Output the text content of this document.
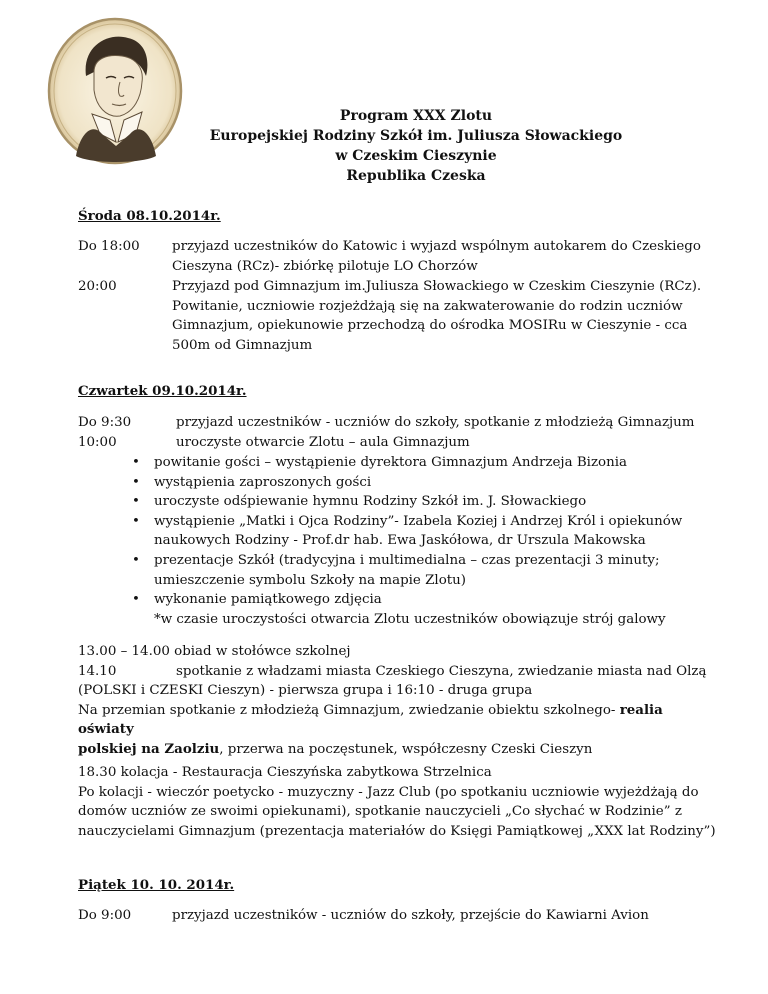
Program XXX Zlotu
Europejskiej Rodziny Szkół im. Juliusza Słowackiego
w Czeskim Cieszynie
Republika Czeska
Środa 08.10.2014r.
Do 18:00 przyjazd uczestników do Katowic i wyjazd wspólnym autokarem do Czeskiego
Cieszyna (RCz)- zbiórkę pilotuje LO Chorzów
20:00	Przyjazd pod Gimnazjum im.Juliusza Słowackiego w Czeskim Cieszynie (RCz).
Powitanie, uczniowie rozjeżdżają się na zakwaterowanie do rodzin uczniów
Gimnazjum, opiekunowie przechodzą do ośrodka MOSIRu w Cieszynie - cca
500m od Gimnazjum
Czwartek 09.10.2014r.
Do 9:30	przyjazd uczestników - uczniów do szkoły, spotkanie z młodzieżą Gimnazjum
10:00	uroczyste otwarcie Zlotu – aula Gimnazjum
• powitanie gości – wystąpienie dyrektora Gimnazjum Andrzeja Bizonia
• wystąpienia zaproszonych gości
• uroczyste odśpiewanie hymnu Rodziny Szkół im. J. Słowackiego
• wystąpienie „Matki i Ojca Rodziny”- Izabela Koziej i Andrzej Król i opiekunów
naukowych Rodziny - Prof.dr hab. Ewa Jaskółowa, dr Urszula Makowska
• prezentacje Szkół (tradycyjna i multimedialna – czas prezentacji 3 minuty;
umieszczenie symbolu Szkoły na mapie Zlotu)
• wykonanie pamiątkowego zdjęcia
*w czasie uroczystości otwarcia Zlotu uczestników obowiązuje strój galowy
13.00 – 14.00 obiad w stołówce szkolnej
14.10	spotkanie z władzami miasta Czeskiego Cieszyna, zwiedzanie miasta nad Olzą
(POLSKI i CZESKI Cieszyn) - pierwsza grupa i 16:10 - druga grupa
Na przemian spotkanie z młodzieżą Gimnazjum, zwiedzanie obiektu szkolnego- realia oświaty
polskiej na Zaolziu, przerwa na poczęstunek, współczesny Czeski Cieszyn
18.30 kolacja - Restauracja Cieszyńska zabytkowa Strzelnica
Po kolacji - wieczór poetycko - muzyczny - Jazz Club (po spotkaniu uczniowie wyjeżdżają do
domów uczniów ze swoimi opiekunami), spotkanie nauczycieli „Co słychać w Rodzinie” z
nauczycielami Gimnazjum (prezentacja materiałów do Księgi Pamiątkowej „XXX lat Rodziny”)
Piątek 10. 10. 2014r.
Do 9:00	przyjazd uczestników - uczniów do szkoły, przejście do Kawiarni Avion
